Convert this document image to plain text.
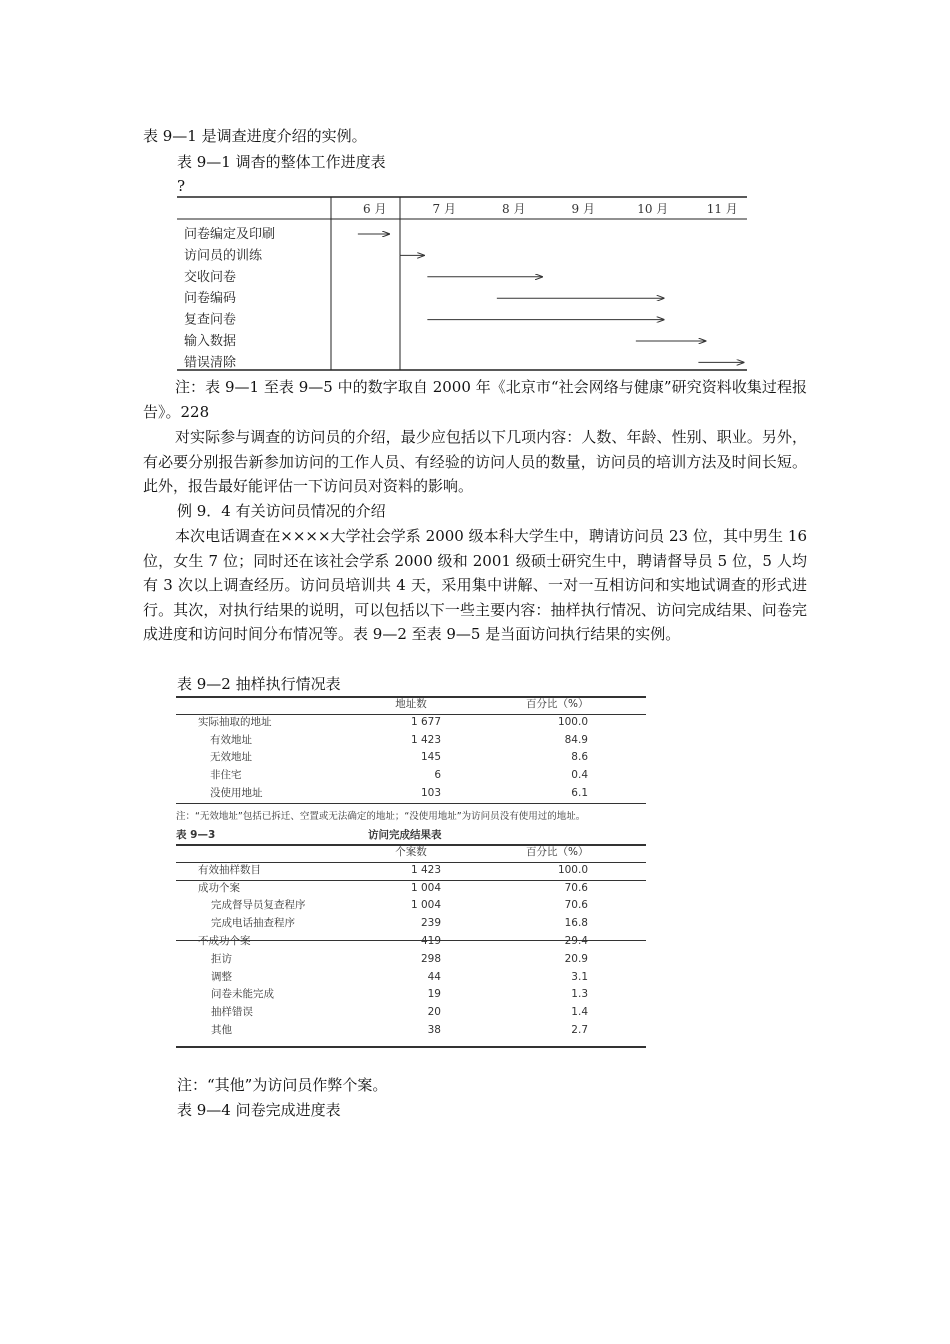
表 9—1 是调查进度介绍的实例。
表 9—1 调杳的整体工作进度表
?
6 月	7 月	8 月	9 月	10 月	11 月
问卷编定及印刷
访问员的训练
交收问卷
问卷编码
复查问卷
输入数据
错误清除
注：表 9—1 至表 9—5 中的数字取自 2000 年《北京市“社会网络与健康”研究资料收集过程报告》。228
对实际参与调查的访问员的介绍，最少应包括以下几项内容：人数、年龄、性别、职业。另外，有必要分别报告新参加访问的工作人员、有经验的访问人员的数量，访问员的培训方法及时间长短。此外，报告最好能评估一下访问员对资料的影响。
例 9．4 有关访问员情况的介绍
本次电话调查在××××大学社会学系 2000 级本科大学生中，聘请访问员 23 位，其中男生 16 位，女生 7 位；同时还在该社会学系 2000 级和 2001 级硕士研究生中，聘请督导员 5 位，5 人均有 3 次以上调查经历。访问员培训共 4 天，采用集中讲解、一对一互相访问和实地试调查的形式进行。其次，对执行结果的说明，可以包括以下一些主要内容：抽样执行情况、访问完成结果、问卷完成进度和访问时间分布情况等。表 9—2 至表 9—5 是当面访问执行结果的实例。
表 9—2 抽样执行情况表
地址数	百分比（%）
实际抽取的地址	1 677	100.0
有效地址	1 423	84.9
无效地址	145	8.6
非住宅	6	0.4
没使用地址	103	6.1
注：“无效地址”包括已拆迁、空置或无法确定的地址；“没使用地址”为访问员没有使用过的地址。
表 9—3	访问完成结果表
个案数	百分比（%）
有效抽样数目	1 423	100.0
成功个案	1 004	70.6
完成督导员复查程序	1 004	70.6
完成电话抽查程序	239	16.8
不成功个案	419	29.4
拒访	298	20.9
调整	44	3.1
问卷未能完成	19	1.3
抽样错误	20	1.4
其他	38	2.7
注：“其他”为访问员作弊个案。
表 9—4 问卷完成进度表
